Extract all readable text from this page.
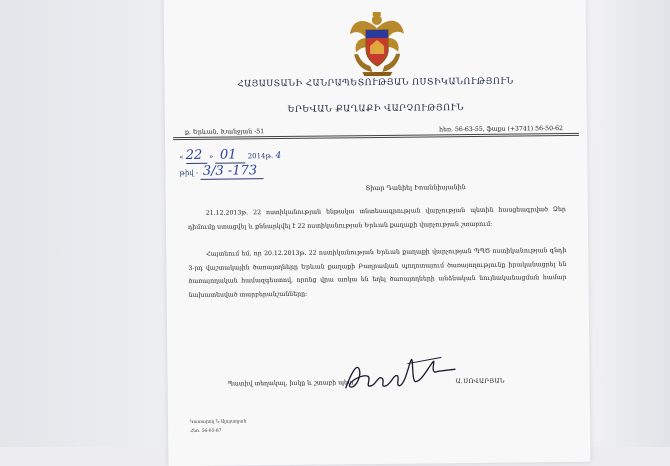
ՀԱՅԱՍՏԱՆԻ ՀԱՆՐԱՊԵՏՈՒԹՅԱՆ ՈՍՏԻԿԱՆՈՒԹՅՈՒՆ
ԵՐԵՎԱՆ ՔԱՂԱՔԻ ՎԱՐՉՈՒԹՅՈՒՆ
ք. Երևան, Խանջյան -51	հեռ. 56-63-55, ֆաքս (+3741) 56-50-62
« 22 » 01 2014թ. 4
թիվ - 3/3 -173
Տիար Դանիել Իոաննիսյանին
21.12.2013թ. 22 ոստիկանության ենթակա տնտեսագրության վարչության պետին հասցեագրված Ձեր դիմումը ստացվել և քննարկվել է 22 ոստիկանության Երևան քաղաքի վարչության շտաբում:
Հայտնում եմ, որ 20.12.2013թ. 22 ոստիկանության Երևան քաղաքի վարչության ՊՊԾ ոստիկանության գնդի 3-րդ վաշտակային ծառայողները Երևան քաղաքի Բաղրամյան պողոտայում ծառայողությունը իրականացրել են ծառայողական համազգեստով, որոնց վրա առկա են եղել ծառայողների անձնական նույնականացման համար նախատեսված տարբերանշանները:
Պատիվ տեղակալ, իսկը և շտաբի պետ	Ա.ՍՈՎԱՐՅԱՆ
Կատարող Ն.Ալայաղյան
Հեռ. 56-65-87
